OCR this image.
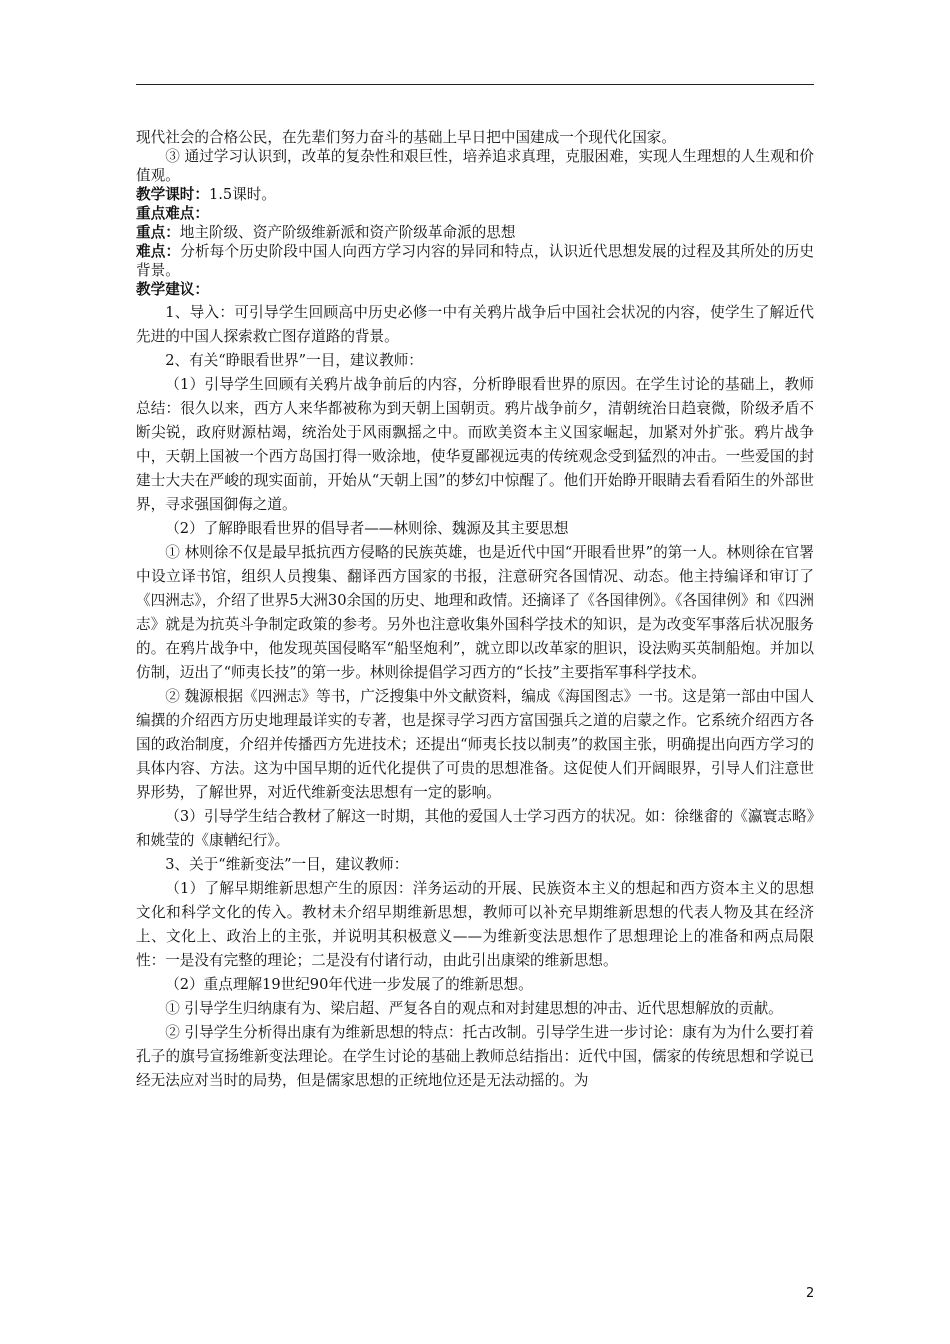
现代社会的合格公民，在先辈们努力奋斗的基础上早日把中国建成一个现代化国家。

③ 通过学习认识到，改革的复杂性和艰巨性，培养追求真理，克服困难，实现人生理想的人生观和价值观。

教学课时：1.5课时。

重点难点：

重点：地主阶级、资产阶级维新派和资产阶级革命派的思想

难点：分析每个历史阶段中国人向西方学习内容的异同和特点，认识近代思想发展的过程及其所处的历史背景。

教学建议：

1、导入：可引导学生回顾高中历史必修一中有关鸦片战争后中国社会状况的内容，使学生了解近代先进的中国人探索救亡图存道路的背景。

2、有关“睁眼看世界”一目，建议教师：

（1）引导学生回顾有关鸦片战争前后的内容，分析睁眼看世界的原因。在学生讨论的基础上，教师总结：很久以来，西方人来华都被称为到天朝上国朝贡。鸦片战争前夕，清朝统治日趋衰微，阶级矛盾不断尖锐，政府财源枯竭，统治处于风雨飘摇之中。而欧美资本主义国家崛起，加紧对外扩张。鸦片战争中，天朝上国被一个西方岛国打得一败涂地，使华夏鄙视远夷的传统观念受到猛烈的冲击。一些爱国的封建士大夫在严峻的现实面前，开始从“天朝上国”的梦幻中惊醒了。他们开始睁开眼睛去看看陌生的外部世界，寻求强国御侮之道。

（2）了解睁眼看世界的倡导者——林则徐、魏源及其主要思想

① 林则徐不仅是最早抵抗西方侵略的民族英雄，也是近代中国“开眼看世界”的第一人。林则徐在官署中设立译书馆，组织人员搜集、翻译西方国家的书报，注意研究各国情况、动态。他主持编译和审订了《四洲志》，介绍了世界5大洲30余国的历史、地理和政情。还摘译了《各国律例》。《各国律例》和《四洲志》就是为抗英斗争制定政策的参考。另外也注意收集外国科学技术的知识，是为改变军事落后状况服务的。在鸦片战争中，他发现英国侵略军“船坚炮利”，就立即以改革家的胆识，设法购买英制船炮。并加以仿制，迈出了“师夷长技”的第一步。林则徐提倡学习西方的“长技”主要指军事科学技术。

② 魏源根据《四洲志》等书，广泛搜集中外文献资料，编成《海国图志》一书。这是第一部由中国人编撰的介绍西方历史地理最详实的专著，也是探寻学习西方富国强兵之道的启蒙之作。它系统介绍西方各国的政治制度，介绍并传播西方先进技术；还提出“师夷长技以制夷”的救国主张，明确提出向西方学习的具体内容、方法。这为中国早期的近代化提供了可贵的思想准备。这促使人们开阔眼界，引导人们注意世界形势，了解世界，对近代维新变法思想有一定的影响。

（3）引导学生结合教材了解这一时期，其他的爱国人士学习西方的状况。如：徐继畬的《瀛寰志略》和姚莹的《康輶纪行》。

3、关于“维新变法”一目，建议教师：

（1）了解早期维新思想产生的原因：洋务运动的开展、民族资本主义的想起和西方资本主义的思想文化和科学文化的传入。教材未介绍早期维新思想，教师可以补充早期维新思想的代表人物及其在经济上、文化上、政治上的主张，并说明其积极意义——为维新变法思想作了思想理论上的准备和两点局限性：一是没有完整的理论；二是没有付诸行动，由此引出康梁的维新思想。

（2）重点理解19世纪90年代进一步发展了的维新思想。

① 引导学生归纳康有为、梁启超、严复各自的观点和对封建思想的冲击、近代思想解放的贡献。

② 引导学生分析得出康有为维新思想的特点：托古改制。引导学生进一步讨论：康有为为什么要打着孔子的旗号宣扬维新变法理论。在学生讨论的基础上教师总结指出：近代中国，儒家的传统思想和学说已经无法应对当时的局势，但是儒家思想的正统地位还是无法动摇的。为

2
